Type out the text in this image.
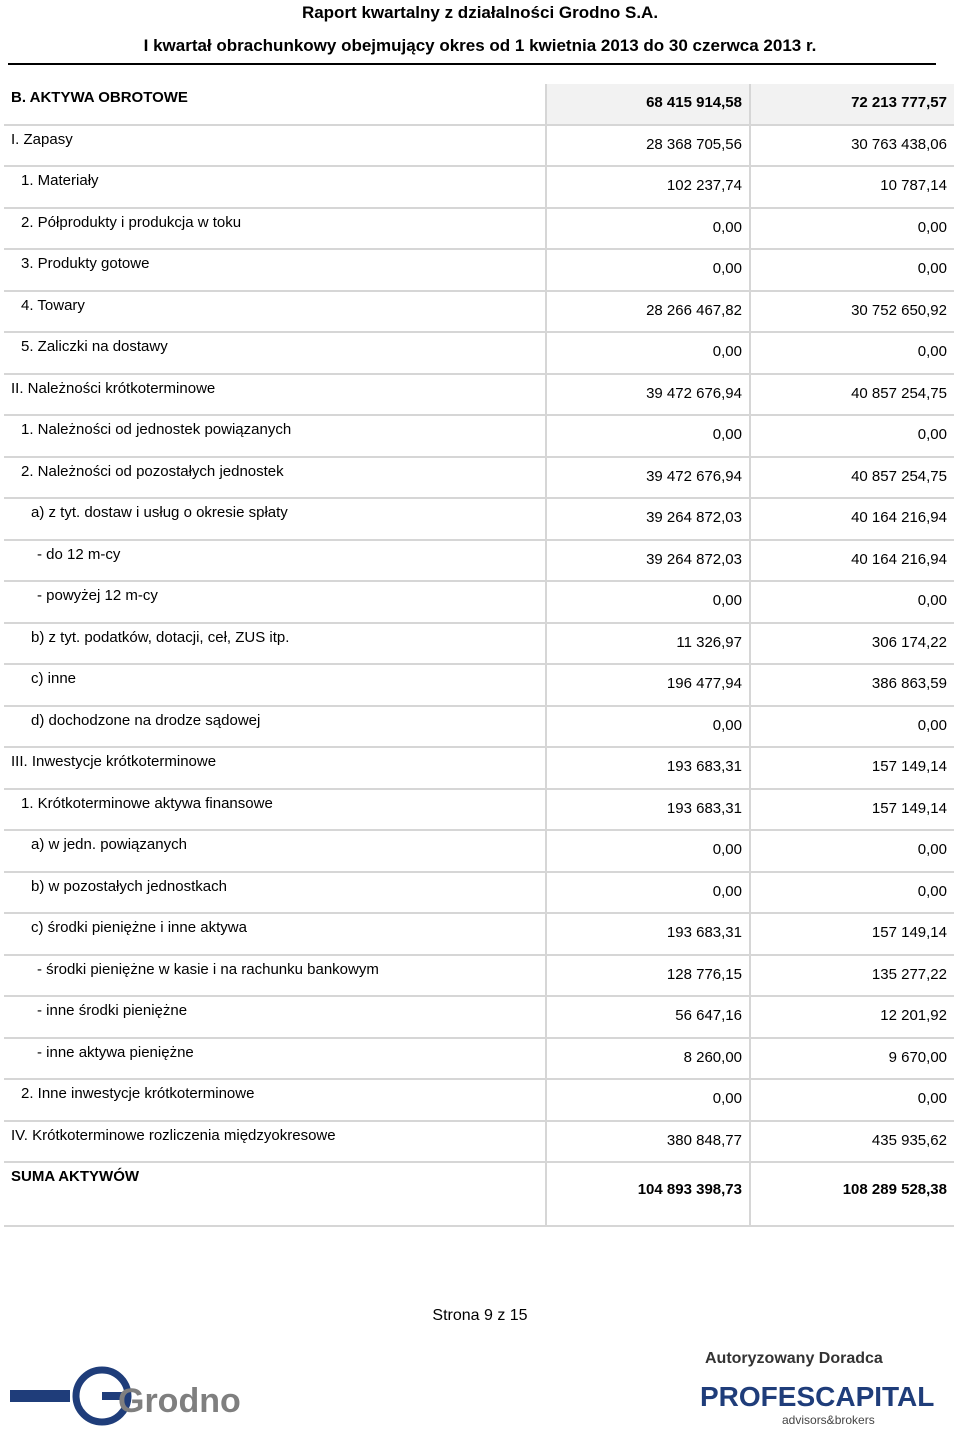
Raport kwartalny z działalności Grodno S.A.
I kwartał obrachunkowy obejmujący okres od 1 kwietnia 2013 do 30 czerwca 2013 r.
B. AKTYWA OBROTOWE	68 415 914,58	72 213 777,57
I. Zapasy	28 368 705,56	30 763 438,06
1. Materiały	102 237,74	10 787,14
2. Półprodukty i produkcja w toku	0,00	0,00
3. Produkty gotowe	0,00	0,00
4. Towary	28 266 467,82	30 752 650,92
5. Zaliczki na dostawy	0,00	0,00
II. Należności krótkoterminowe	39 472 676,94	40 857 254,75
1. Należności od jednostek powiązanych	0,00	0,00
2. Należności od pozostałych jednostek	39 472 676,94	40 857 254,75
a) z tyt. dostaw i usług o okresie spłaty	39 264 872,03	40 164 216,94
- do 12 m-cy	39 264 872,03	40 164 216,94
- powyżej 12 m-cy	0,00	0,00
b) z tyt. podatków, dotacji, ceł, ZUS itp.	11 326,97	306 174,22
c) inne	196 477,94	386 863,59
d) dochodzone na drodze sądowej	0,00	0,00
III. Inwestycje krótkoterminowe	193 683,31	157 149,14
1. Krótkoterminowe aktywa finansowe	193 683,31	157 149,14
a) w jedn. powiązanych	0,00	0,00
b) w pozostałych jednostkach	0,00	0,00
c) środki pieniężne i inne aktywa	193 683,31	157 149,14
- środki pieniężne w kasie i na rachunku bankowym	128 776,15	135 277,22
- inne środki pieniężne	56 647,16	12 201,92
- inne aktywa pieniężne	8 260,00	9 670,00
2. Inne inwestycje krótkoterminowe	0,00	0,00
IV. Krótkoterminowe rozliczenia międzyokresowe	380 848,77	435 935,62
SUMA AKTYWÓW	104 893 398,73	108 289 528,38
Strona 9 z 15
Grodno
Autoryzowany Doradca
PROFESCAPITAL
advisors&brokers
